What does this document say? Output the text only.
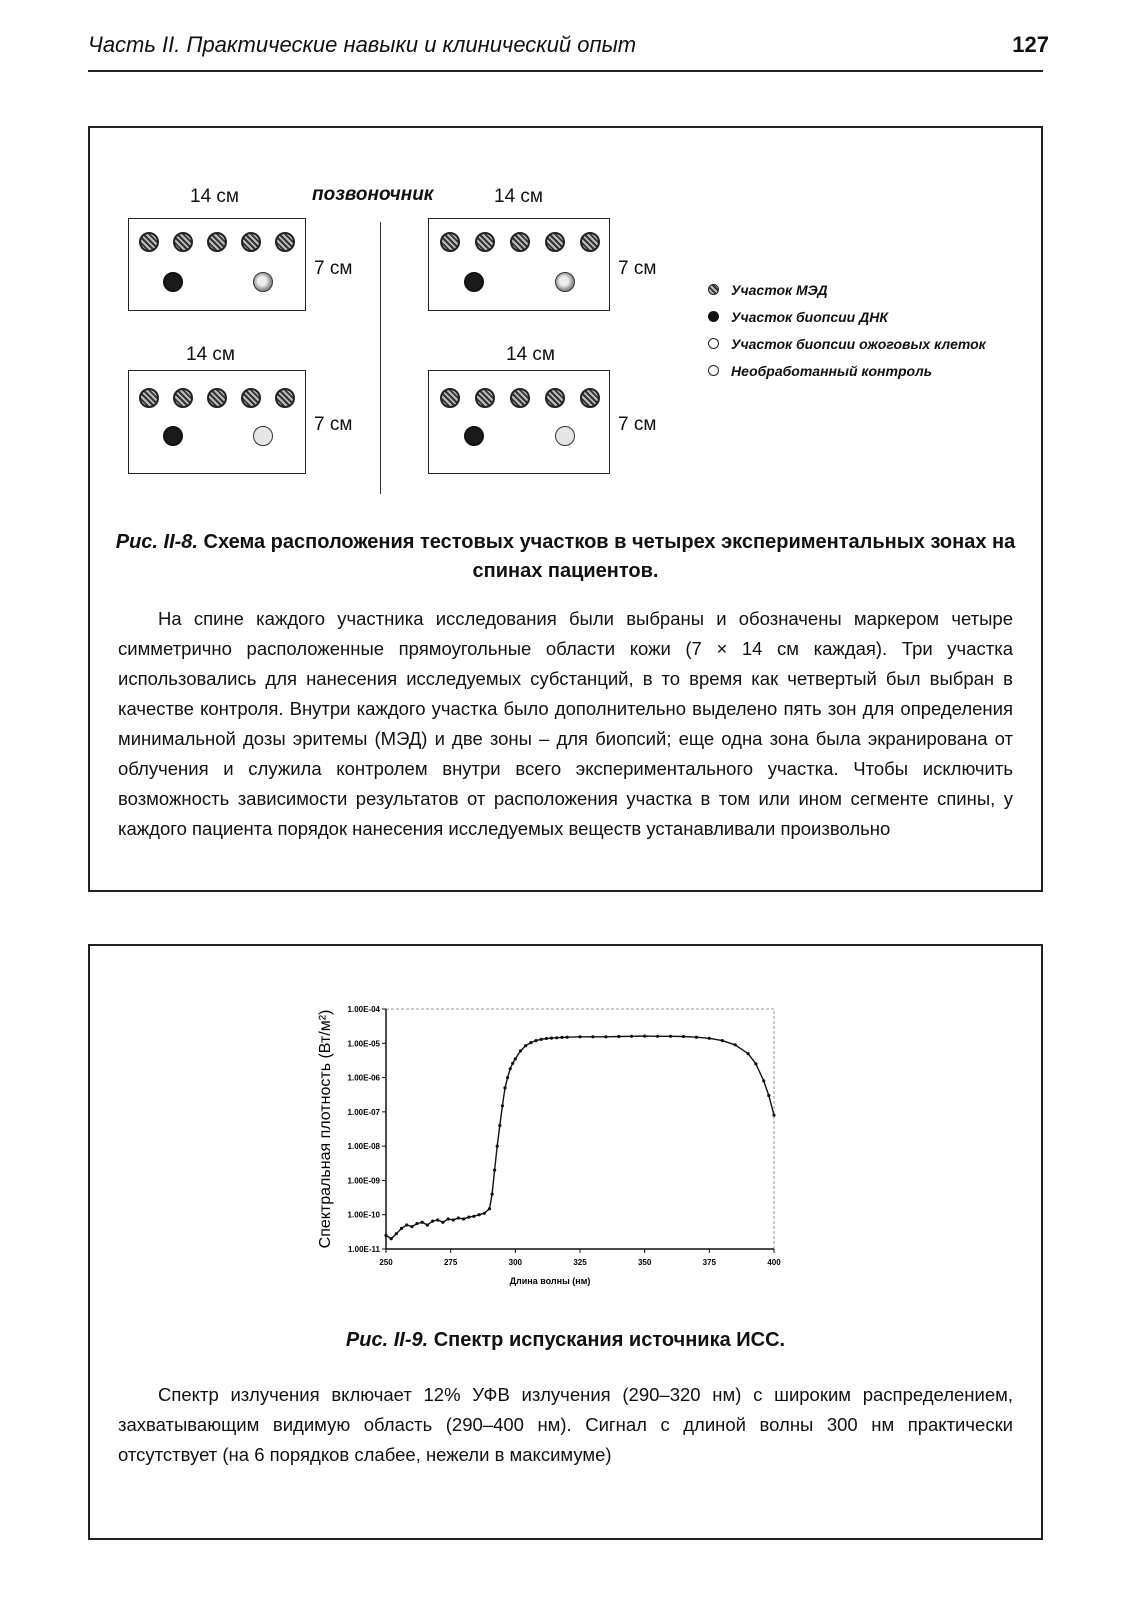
Часть II. Практические навыки и клинический опыт	127
позвоночник
14 см
7 см
14 см
7 см
14 см
7 см
14 см
7 см
Участок МЭД
Участок биопсии ДНК
Участок биопсии ожоговых клеток
Необработанный контроль
Рис. II-8. Схема расположения тестовых участков в четырех экспериментальных зонах на спинах пациентов.
На спине каждого участника исследования были выбраны и обозначены маркером четыре симметрично расположенные прямоугольные области кожи (7 × 14 см каждая). Три участка использовались для нанесения исследуемых субстанций, в то время как четвертый был выбран в качестве контроля. Внутри каждого участка было дополнительно выделено пять зон для определения минимальной дозы эритемы (МЭД) и две зоны – для биопсий; еще одна зона была экранирована от облучения и служила контролем внутри всего экспериментального участка. Чтобы исключить возможность зависимости результатов от расположения участка в том или ином сегменте спины, у каждого пациента порядок нанесения исследуемых веществ устанавливали произвольно
1.00E-04
1.00E-05
1.00E-06
1.00E-07
1.00E-08
1.00E-09
1.00E-10
1.00E-11
250	275	300	325	350	375	400
Длина волны (нм)
Спектральная плотность (Вт/м²)
Рис. II-9. Спектр испускания источника ИСС.
Спектр излучения включает 12% УФВ излучения (290–320 нм) с широким распределением, захватывающим видимую область (290–400 нм). Сигнал с длиной волны 300 нм практически отсутствует (на 6 порядков слабее, нежели в максимуме)
